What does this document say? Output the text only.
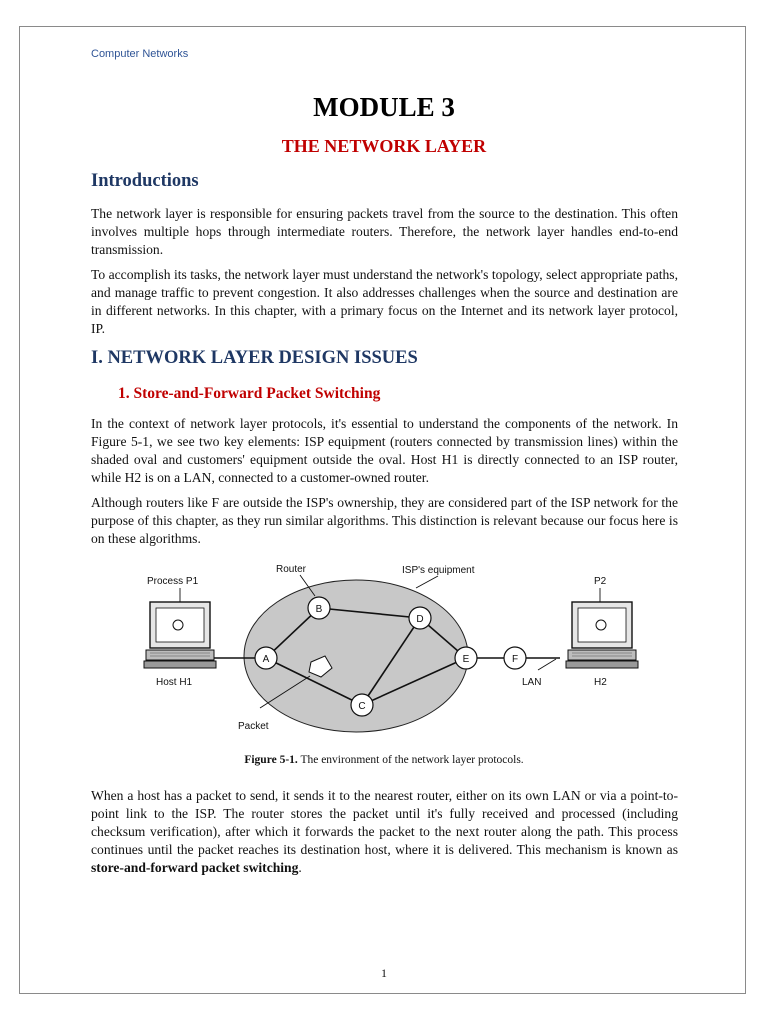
Computer Networks
MODULE 3
THE NETWORK LAYER
Introductions

The network layer is responsible for ensuring packets travel from the source to the destination. This often involves multiple hops through intermediate routers. Therefore, the network layer handles end-to-end transmission.

To accomplish its tasks, the network layer must understand the network's topology, select appropriate paths, and manage traffic to prevent congestion. It also addresses challenges when the source and destination are in different networks. In this chapter, with a primary focus on the Internet and its network layer protocol, IP.

I. NETWORK LAYER DESIGN ISSUES
1. Store-and-Forward Packet Switching

In the context of network layer protocols, it's essential to understand the components of the network. In Figure 5-1, we see two key elements: ISP equipment (routers connected by transmission lines) within the shaded oval and customers' equipment outside the oval. Host H1 is directly connected to an ISP router, while H2 is on a LAN, connected to a customer-owned router.

Although routers like F are outside the ISP's ownership, they are considered part of the ISP network for the purpose of this chapter, as they run similar algorithms. This distinction is relevant because our focus here is on these algorithms.

A
B
D
E
C
F
Process P1
Router	ISP's equipment
P2
Host H1	LAN	H2
Packet

Figure 5-1. The environment of the network layer protocols.

When a host has a packet to send, it sends it to the nearest router, either on its own LAN or via a point-to-point link to the ISP. The router stores the packet until it's fully received and processed (including checksum verification), after which it forwards the packet to the next router along the path. This process continues until the packet reaches its destination host, where it is delivered. This mechanism is known as store-and-forward packet switching.

1
